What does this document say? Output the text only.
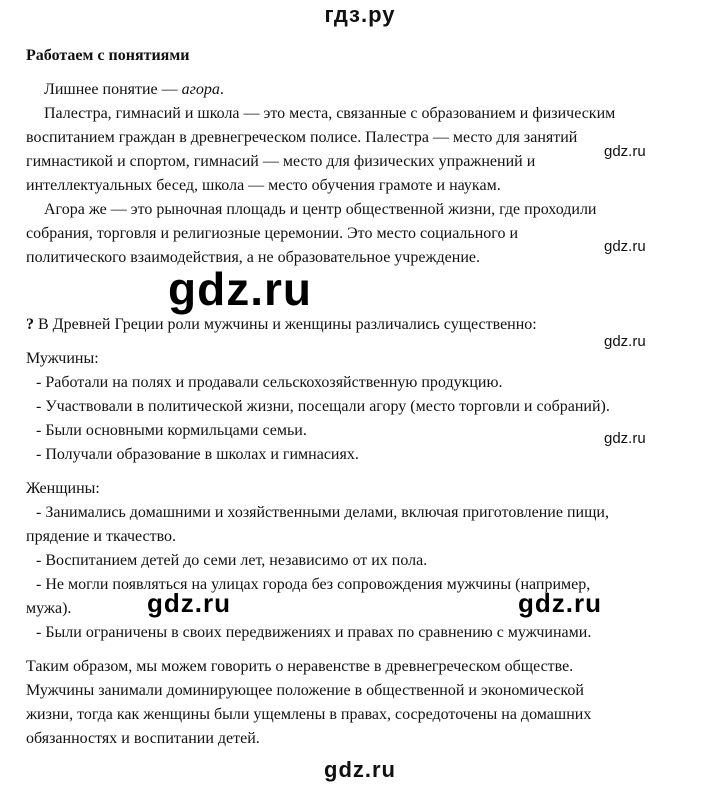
гдз.ру
gdz.ru
gdz.ru
gdz.ru
gdz.ru
gdz.ru
gdz.ru	gdz.ru
gdz.ru
Работаем с понятиями
Лишнее понятие — агора.
Палестра, гимнасий и школа — это места, связанные с образованием и физическим
воспитанием граждан в древнегреческом полисе. Палестра — место для занятий
гимнастикой и спортом, гимнасий — место для физических упражнений и
интеллектуальных бесед, школа — место обучения грамоте и наукам.
Агора же — это рыночная площадь и центр общественной жизни, где проходили
собрания, торговля и религиозные церемонии. Это место социального и
политического взаимодействия, а не образовательное учреждение.
? В Древней Греции роли мужчины и женщины различались существенно:
Мужчины:
- Работали на полях и продавали сельскохозяйственную продукцию.
- Участвовали в политической жизни, посещали агору (место торговли и собраний).
- Были основными кормильцами семьи.
- Получали образование в школах и гимнасиях.
Женщины:
- Занимались домашними и хозяйственными делами, включая приготовление пищи,
прядение и ткачество.
- Воспитанием детей до семи лет, независимо от их пола.
- Не могли появляться на улицах города без сопровождения мужчины (например,
мужа).
- Были ограничены в своих передвижениях и правах по сравнению с мужчинами.
Таким образом, мы можем говорить о неравенстве в древнегреческом обществе.
Мужчины занимали доминирующее положение в общественной и экономической
жизни, тогда как женщины были ущемлены в правах, сосредоточены на домашних
обязанностях и воспитании детей.
